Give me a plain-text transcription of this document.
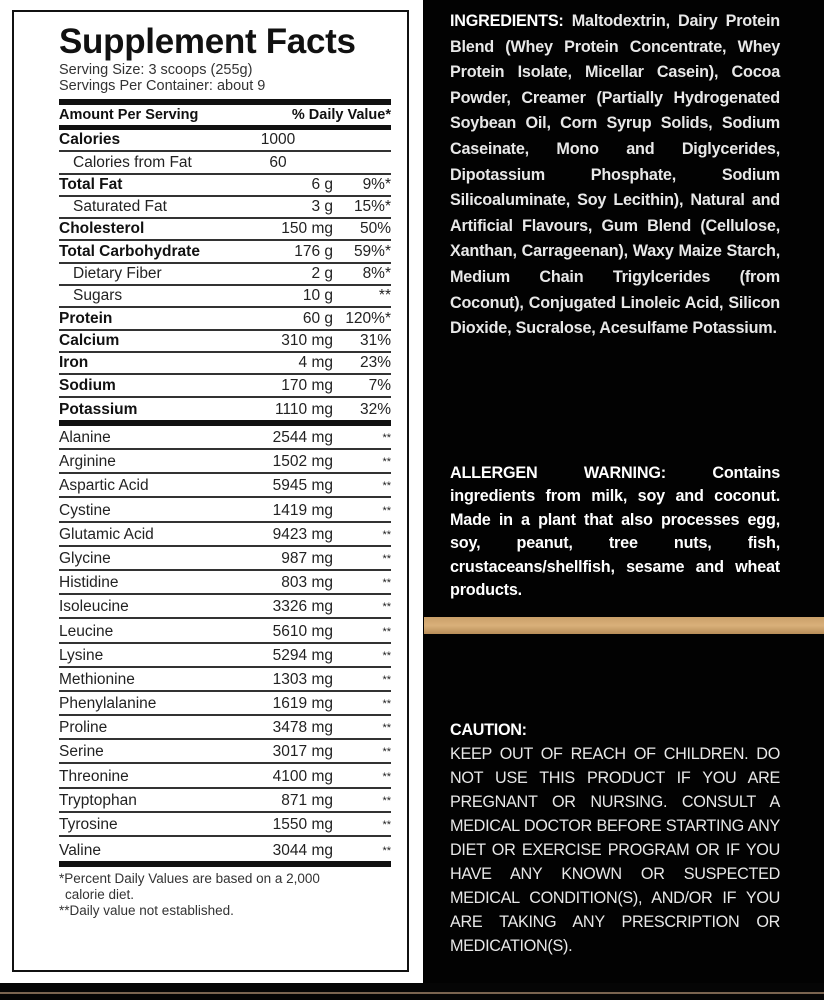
Supplement Facts
Serving Size: 3 scoops (255g)
Servings Per Container: about 9
Amount Per Serving	% Daily Value*
Calories	1000
Calories from Fat	60
Total Fat	6 g	9%*
Saturated Fat	3 g	15%*
Cholesterol	150 mg	50%
Total Carbohydrate	176 g	59%*
Dietary Fiber	2 g	8%*
Sugars	10 g	**
Protein	60 g 120%*
Calcium	310 mg	31%
Iron	4 mg	23%
Sodium	170 mg	7%
Potassium	1110 mg	32%
Alanine	2544 mg	**
Arginine	1502 mg	**
Aspartic Acid	5945 mg	**
Cystine	1419 mg	**
Glutamic Acid	9423 mg	**
Glycine	987 mg	**
Histidine	803 mg	**
Isoleucine	3326 mg	**
Leucine	5610 mg	**
Lysine	5294 mg	**
Methionine	1303 mg	**
Phenylalanine	1619 mg	**
Proline	3478 mg	**
Serine	3017 mg	**
Threonine	4100 mg	**
Tryptophan	871 mg	**
Tyrosine	1550 mg	**
Valine	3044 mg	**
*Percent Daily Values are based on a 2,000
calorie diet.
**Daily value not established.
INGREDIENTS: Maltodextrin, Dairy Protein Blend (Whey Protein Concentrate, Whey Protein Isolate, Micellar Casein), Cocoa Powder, Creamer (Partially Hydrogenated Soybean Oil, Corn Syrup Solids, Sodium Caseinate, Mono and Diglycerides, Dipotassium Phosphate, Sodium Silicoaluminate, Soy Lecithin), Natural and Artificial Flavours, Gum Blend (Cellulose, Xanthan, Carrageenan), Waxy Maize Starch, Medium Chain Trigylcerides (from Coconut), Conjugated Linoleic Acid, Silicon Dioxide, Sucralose, Acesulfame Potassium.
ALLERGEN WARNING: Contains ingredients from milk, soy and coconut. Made in a plant that also processes egg, soy, peanut, tree nuts, fish, crustaceans/shellfish, sesame and wheat products.
CAUTION:
KEEP OUT OF REACH OF CHILDREN. DO NOT USE THIS PRODUCT IF YOU ARE PREGNANT OR NURSING. CONSULT A MEDICAL DOCTOR BEFORE STARTING ANY DIET OR EXERCISE PROGRAM OR IF YOU HAVE ANY KNOWN OR SUSPECTED MEDICAL CONDITION(S), AND/OR IF YOU ARE TAKING ANY PRESCRIPTION OR MEDICATION(S).
